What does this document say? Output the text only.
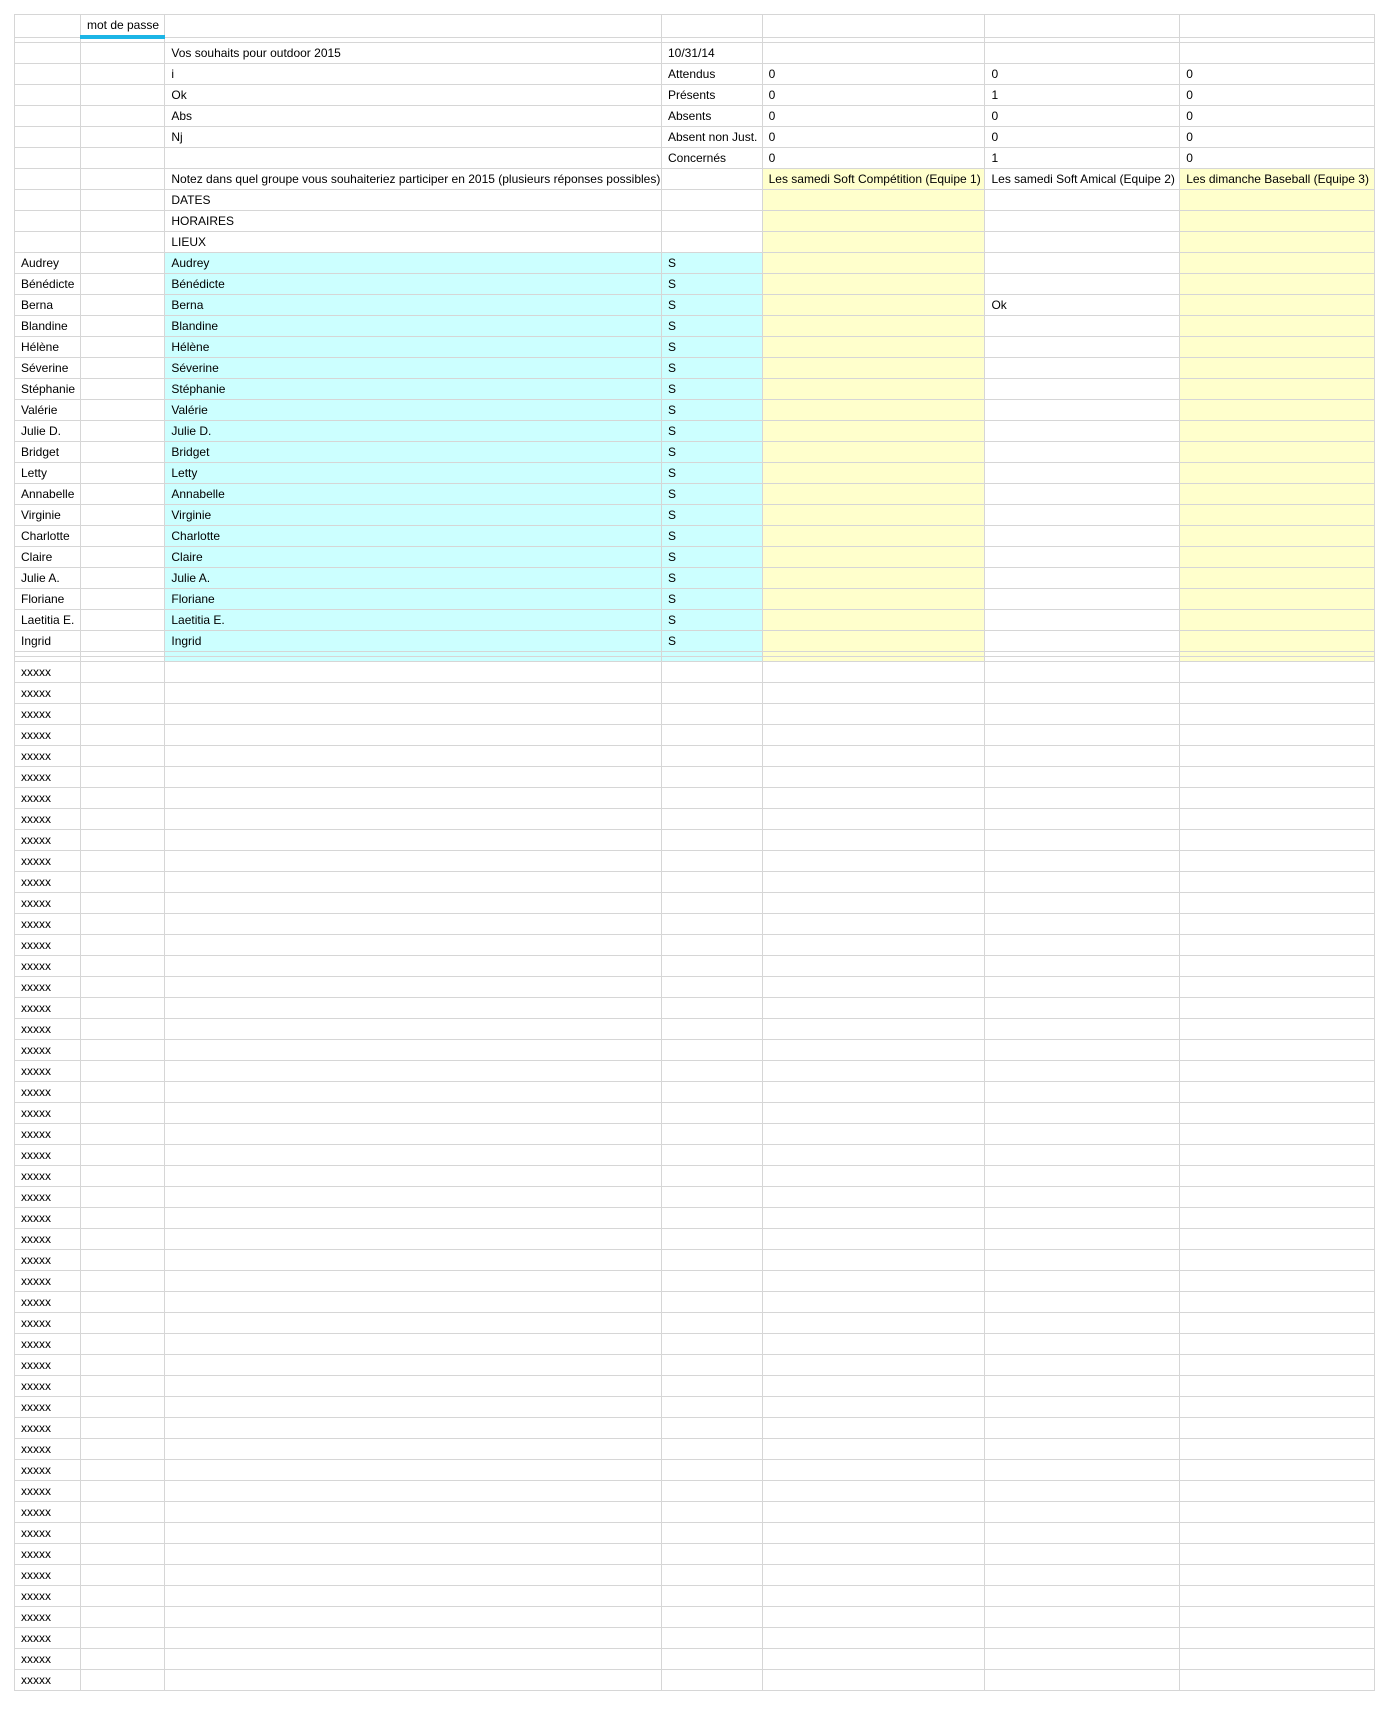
	mot de passe					

		Vos souhaits pour outdoor 2015	10/31/14			
		i	Attendus	0	0	0
		Ok	Présents	0	1	0
		Abs	Absents	0	0	0
		Nj	Absent non Just.	0	0	0
			Concernés	0	1	0
		Notez dans quel groupe vous souhaiteriez participer en 2015 (plusieurs réponses possibles)		Les samedi Soft Compétition (Equipe 1)	Les samedi Soft Amical (Equipe 2)	Les dimanche Baseball (Equipe 3)
		DATES				
		HORAIRES				
		LIEUX				
Audrey		Audrey	S			
Bénédicte		Bénédicte	S			
Berna		Berna	S		Ok	
Blandine		Blandine	S			
Hélène		Hélène	S			
Séverine		Séverine	S			
Stéphanie		Stéphanie	S			
Valérie		Valérie	S			
Julie D.		Julie D.	S			
Bridget		Bridget	S			
Letty		Letty	S			
Annabelle		Annabelle	S			
Virginie		Virginie	S			
Charlotte		Charlotte	S			
Claire		Claire	S			
Julie A.		Julie A.	S			
Floriane		Floriane	S			
Laetitia E.		Laetitia E.	S			
Ingrid		Ingrid	S			

xxxxx						
xxxxx						
xxxxx						
xxxxx						
xxxxx						
xxxxx						
xxxxx						
xxxxx						
xxxxx						
xxxxx						
xxxxx						
xxxxx						
xxxxx						
xxxxx						
xxxxx						
xxxxx						
xxxxx						
xxxxx						
xxxxx						
xxxxx						
xxxxx						
xxxxx						
xxxxx						
xxxxx						
xxxxx						
xxxxx						
xxxxx						
xxxxx						
xxxxx						
xxxxx						
xxxxx						
xxxxx						
xxxxx						
xxxxx						
xxxxx						
xxxxx						
xxxxx						
xxxxx						
xxxxx						
xxxxx						
xxxxx						
xxxxx						
xxxxx						
xxxxx						
xxxxx						
xxxxx						
xxxxx						
xxxxx						
xxxxx						
